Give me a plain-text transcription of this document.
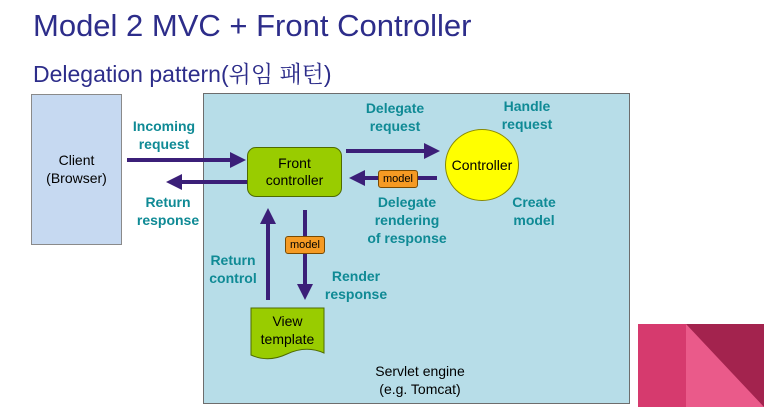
Model 2 MVC + Front Controller
Delegation pattern(위임 패턴)
Client
(Browser)
Servlet engine
(e.g. Tomcat)
Front
controller
Controller
View
template
model
model
Incoming
request
Return
response
Delegate
request
Handle
request
Delegate
rendering
of response
Create
model
Return
control	Render
response
